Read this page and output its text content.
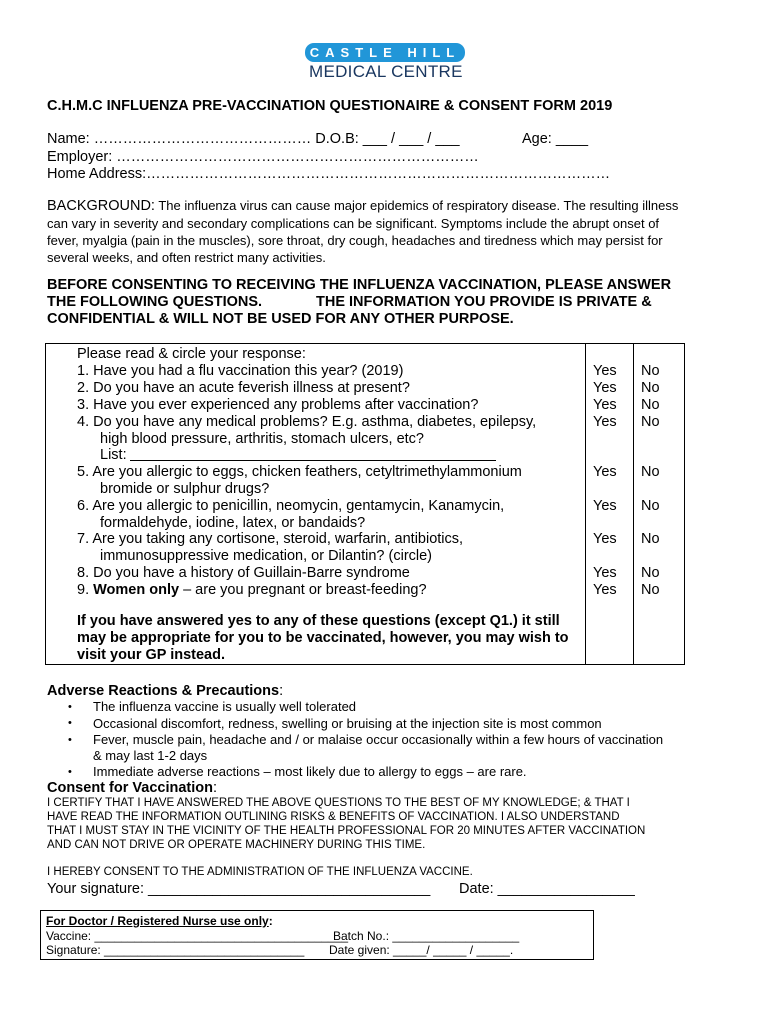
CASTLE HILL
MEDICAL CENTRE
C.H.M.C INFLUENZA PRE-VACCINATION QUESTIONAIRE & CONSENT FORM 2019
Name: ……………………………………… D.O.B: ___ / ___ / ___	Age: ____
Employer: …………………………………………………………………
Home Address:……………………………………………………………………………………
BACKGROUND: The influenza virus can cause major epidemics of respiratory disease. The resulting illness
can vary in severity and secondary complications can be significant. Symptoms include the abrupt onset of
fever, myalgia (pain in the muscles), sore throat, dry cough, headaches and tiredness which may persist for
several weeks, and often restrict many activities.
BEFORE CONSENTING TO RECEIVING THE INFLUENZA VACCINATION, PLEASE ANSWER
THE FOLLOWING QUESTIONS.	THE INFORMATION YOU PROVIDE IS PRIVATE &
CONFIDENTIAL & WILL NOT BE USED FOR ANY OTHER PURPOSE.
Please read & circle your response:
1. Have you had a flu vaccination this year? (2019)
2. Do you have an acute feverish illness at present?
3. Have you ever experienced any problems after vaccination?
4. Do you have any medical problems? E.g. asthma, diabetes, epilepsy,
high blood pressure, arthritis, stomach ulcers, etc?
List:
5. Are you allergic to eggs, chicken feathers, cetyltrimethylammonium
bromide or sulphur drugs?
6. Are you allergic to penicillin, neomycin, gentamycin, Kanamycin,
formaldehyde, iodine, latex, or bandaids?
7. Are you taking any cortisone, steroid, warfarin, antibiotics,
immunosuppressive medication, or Dilantin? (circle)
8. Do you have a history of Guillain-Barre syndrome
9. Women only – are you pregnant or breast-feeding?
Yes No
Yes No
Yes No
Yes No
Yes No
Yes No
Yes No
Yes No
Yes No
If you have answered yes to any of these questions (except Q1.) it still may be appropriate for you to be vaccinated, however, you may wish to visit your GP instead.
Adverse Reactions & Precautions:
• The influenza vaccine is usually well tolerated
• Occasional discomfort, redness, swelling or bruising at the injection site is most common
• Fever, muscle pain, headache and / or malaise occur occasionally within a few hours of vaccination
& may last 1-2 days
• Immediate adverse reactions – most likely due to allergy to eggs – are rare.
Consent for Vaccination:
I CERTIFY THAT I HAVE ANSWERED THE ABOVE QUESTIONS TO THE BEST OF MY KNOWLEDGE; & THAT I
HAVE READ THE INFORMATION OUTLINING RISKS & BENEFITS OF VACCINATION. I ALSO UNDERSTAND
THAT I MUST STAY IN THE VICINITY OF THE HEALTH PROFESSIONAL FOR 20 MINUTES AFTER VACCINATION
AND CAN NOT DRIVE OR OPERATE MACHINERY DURING THIS TIME.
I HEREBY CONSENT TO THE ADMINISTRATION OF THE INFLUENZA VACCINE.
Your signature: ___________________________________ Date: _________________
For Doctor / Registered Nurse use only:
Vaccine: ______________________________________
Batch No.: ___________________
Signature: ______________________________ Date given: _____/ _____ / _____.
